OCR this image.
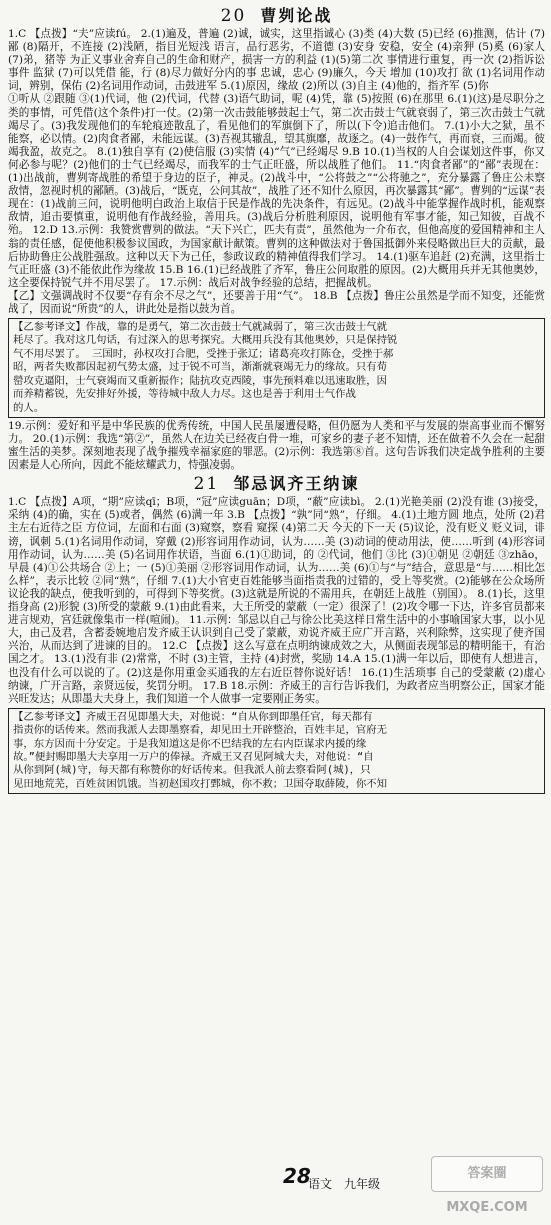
20 曹刿论战

1.C 【点拨】“夫”应读fú。 2.(1)遍及，普遍 (2)诚，诚实，这里指诚心 (3)类 (4)大数 (5)已经 (6)推测，估计 (7)鄙 (8)隔开，不连接 (2)浅陋，指目光短浅 语言，品行恶劣，不道德 (3)安身 安稳，安全 (4)亲狎 (5)奚 (6)家人 (7)弟，猪等 为正义事业舍弃自己的生命和财产，损害一方的利益 (1)(5)第二次 事情进行重复，再一次 (2)指诉讼事件 监狱 (7)可以凭借 能，行 (8)尽力做好分内的事 忠诚，忠心 (9)廉久，今天 增加 (10)攻打 欲 (1)名词用作动词，辨别，保佑 (2)名词用作动词，击鼓进军 5.(1)原因，缘故 (2)所以 (3)自主 (4)他的，指齐军 (5)你

①听从 ②跟随 ③(1)代词，他 (2)代词，代替 (3)语气助词，呢 (4)凭，靠 (5)按照 (6)在那里 6.(1)(这)是尽职分之类的事情，可凭借(这个条件)打一仗。(2)第一次击鼓能够鼓起士气，第二次击鼓士气就衰弱了，第三次击鼓士气就竭尽了。(3)我发现他们的车轮痕迹散乱了，看见他们的军旗倒下了，所以(下令)追击他们。 7.(1)小大之狱，虽不能察，必以情。(2)肉食者鄙，未能远谋。(3)吾视其辙乱，望其旗靡，故逐之。(4)一鼓作气，再而衰，三而竭。彼竭我盈，故克之。 8.(1)独自享有 (2)使信服 (3)实情 (4)“气”已经竭尽 9.B 10.(1)当权的人自会谋划这件事，你又何必参与呢？(2)他们的士气已经竭尽，而我军的士气正旺盛，所以战胜了他们。 11.“肉食者鄙”的“鄙”表现在：(1)出战前，曹刿寄战胜的希望于身边的臣子，神灵。(2)战斗中，“公将鼓之”“公将驰之”，充分暴露了鲁庄公未察敌情，忽视时机的鄙陋。(3)战后，“既克，公问其故”，战胜了还不知什么原因，再次暴露其“鄙”。曹刿的“远谋”表现在：(1)战前三问，说明他明白政治上取信于民是作战的先决条件，有远见。(2)战斗中能掌握作战时机，能观察敌情，追击要慎重，说明他有作战经验，善用兵。(3)战后分析胜利原因，说明他有军事才能，知己知彼，百战不殆。 12.D 13.示例：我赞赏曹刿的做法。“天下兴亡，匹夫有责”，虽然他为一介布衣，但他高度的爱国精神和主人翁的责任感，促使他积极参议国政，为国家献计献策。曹刿的这种做法对于鲁国抵御外来侵略做出巨大的贡献，最后协助鲁庄公战胜强敌。这种以天下为己任，参政议政的精神值得我们学习。 14.(1)驱车追赶 (2)充满，这里指士气正旺盛 (3)不能依此作为缘故 15.B 16.(1)已经战胜了齐军，鲁庄公问取胜的原因。(2)大概用兵并无其他奥妙，这全要保持锐气并不用尽罢了。 17.示例：战后对战争经验的总结，把握战机。

【乙】文强调战时不仅要“存有余不尽之气”，还要善于用“气”。 18.B 【点拨】鲁庄公虽然是学而不知变，还能赏战了，因而说“所贵”的人，讲此处是指以鼓为首。

【乙参考译文】作战，靠的是勇气，第二次击鼓士气就减弱了，第三次击鼓士气就
耗尽了。我对这几句话，有过深入的思考探究。大概用兵没有其他奥妙，只是保持锐
气不用尽罢了。 三国时，孙权攻打合肥，受挫于张辽；诸葛亮攻打陈仓，受挫于郝
昭，两者失败都因起初气势太盛，过于锐不可当，渐渐就衰竭无力的缘故。只有荀
罃攻克逼阳，士气衰竭而又重新振作；陆抗攻克西陵，事先预料难以迅速取胜，因
而养精蓄锐，先安排好外援，等待城中敌人力尽。这也是善于利用士气作战
的人。

19.示例：爱好和平是中华民族的优秀传统，中国人民虽屡遭侵略，但仍愿为人类和平与发展的崇高事业而不懈努力。 20.(1)示例：我选“第②”，虽然人在边关已经夜白骨一堆，可家乡的妻子老不知情，还在做着不久会在一起甜蜜生活的美梦。深刻地表现了战争摧残幸福家庭的罪恶。(2)示例：我选第⑧首。这句告诉我们决定战争胜利的主要因素是人心所向，因此不能炫耀武力，恃强凌弱。

21 邹忌讽齐王纳谏

1.C 【点拨】A项，“期”应读qī；B项，“冠”应读guān；D项，“蔽”应读bì。 2.(1)光艳美丽 (2)没有谁 (3)接受，采纳 (4)的确，实在 (5)或者，偶然 (6)满一年 3.B 【点拨】“孰”同“熟”，仔细。 4.(1)土地方圆 地点，处所 (2)君主左右近待之臣 方位词，左面和右面 (3)窥察，察看 窥探 (4)第二天 今天的下一天 (5)议论，没有贬义 贬义词，诽谤，讽刺 5.(1)名词用作动词，穿戴 (2)形容词用作动词，认为……美 (3)动词的使动用法，使……听到 (4)形容词用作动词，认为……美 (5)名词用作状语，当面 6.(1)①助词，的 ②代词，他们 ③比 (3)①朝见 ②朝廷 ③zhāo，早晨 (4)①公共场合 ②上；一 (5)①美丽 ②形容词用作动词，认为……美 (6)①与“与”结合，意思是“与……相比怎么样”，表示比较 ②同“熟”，仔细 7.(1)大小官吏百姓能够当面指责我的过错的，受上等奖赏。(2)能够在公众场所议论我的缺点，使我听到的，可得到下等奖赏。(3)这就是所说的不需用兵，在朝廷上战胜（别国）。 8.(1)长，这里指身高 (2)形貌 (3)所受的蒙蔽 9.(1)由此看来，大王所受的蒙蔽（一定）很深了！(2)攻令哪一下达，许多官员都来进言规劝，宫廷就像集市一样(喧闹)。 11.示例：邹忌以自己与徐公比美这样日常生活中的小事喻国家大事，以小见大，由己及君，含蓄委婉地启发齐威王认识到自己受了蒙蔽，劝说齐威王应广开言路，兴利除弊，这实现了使齐国兴治，从而达到了进谏的目的。 12.C 【点拨】这么写意在点明纳谏成效之大，从侧面表现邹忌的精明能干，有治国之才。 13.(1)没有非 (2)常常，不时 (3)主管，主持 (4)封赏，奖励 14.A 15.(1)满一年以后，即使有人想进言，也没有什么可以说的了。(2)这是你用重金买通我的左右近臣替你说好话！ 16.(1)生活琐事 自己的受蒙蔽 (2)虚心纳谏，广开言路，亲贤远佞，奖罚分明。 17.B 18.示例：齐威王的言行告诉我们，为政者应当明察公正，国家才能兴旺发达；从即墨大夫身上，我们知道一个人做事一定要刚正务实。

【乙参考译文】齐威王召见即墨大夫，对他说：“自从你到即墨任官，每天都有
指责你的话传来。然而我派人去即墨察看，却见田土开辟整治，百姓丰足，官府无
事，东方因而十分安定。于是我知道这是你不巴结我的左右内臣谋求内援的缘
故。”便封赐即墨大夫享用一万户的俸禄。齐威王又召见阿城大夫，对他说：“自
从你到阿(城)守，每天都有称赞你的好话传来。但我派人前去察看阿(城)，只
见田地荒芜，百姓贫困饥饿。当初赵国攻打鄄城，你不救；卫国夺取薛陵，你不知
28
语文 九年级
答案圈 MXQE.COM
